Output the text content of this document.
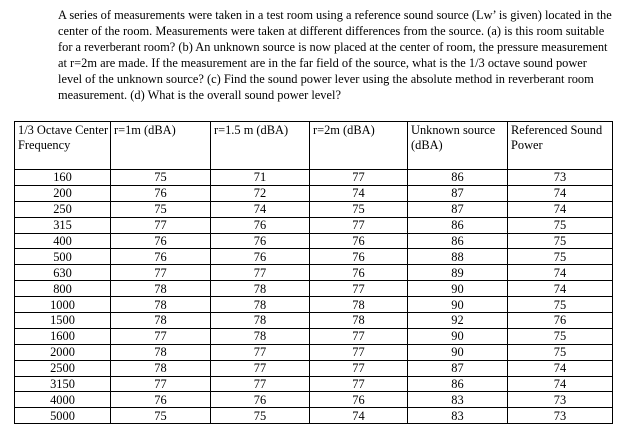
A series of measurements were taken in a test room using a reference sound source (Lw’ is given) located in the center of the room. Measurements were taken at different differences from the source. (a) is this room suitable for a reverberant room? (b) An unknown source is now placed at the center of room, the pressure measurement at r=2m are made. If the measurement are in the far field of the source, what is the 1/3 octave sound power level of the unknown source? (c) Find the sound power lever using the absolute method in reverberant room measurement. (d) What is the overall sound power level?

1/3 Octave Center Frequency	r=1m (dBA)	r=1.5 m (dBA)	r=2m (dBA)	Unknown source (dBA)	Referenced Sound Power
160	75	71	77	86	73
200	76	72	74	87	74
250	75	74	75	87	74
315	77	76	77	86	75
400	76	76	76	86	75
500	76	76	76	88	75
630	77	77	76	89	74
800	78	78	77	90	74
1000	78	78	78	90	75
1500	78	78	78	92	76
1600	77	78	77	90	75
2000	78	77	77	90	75
2500	78	77	77	87	74
3150	77	77	77	86	74
4000	76	76	76	83	73
5000	75	75	74	83	73
